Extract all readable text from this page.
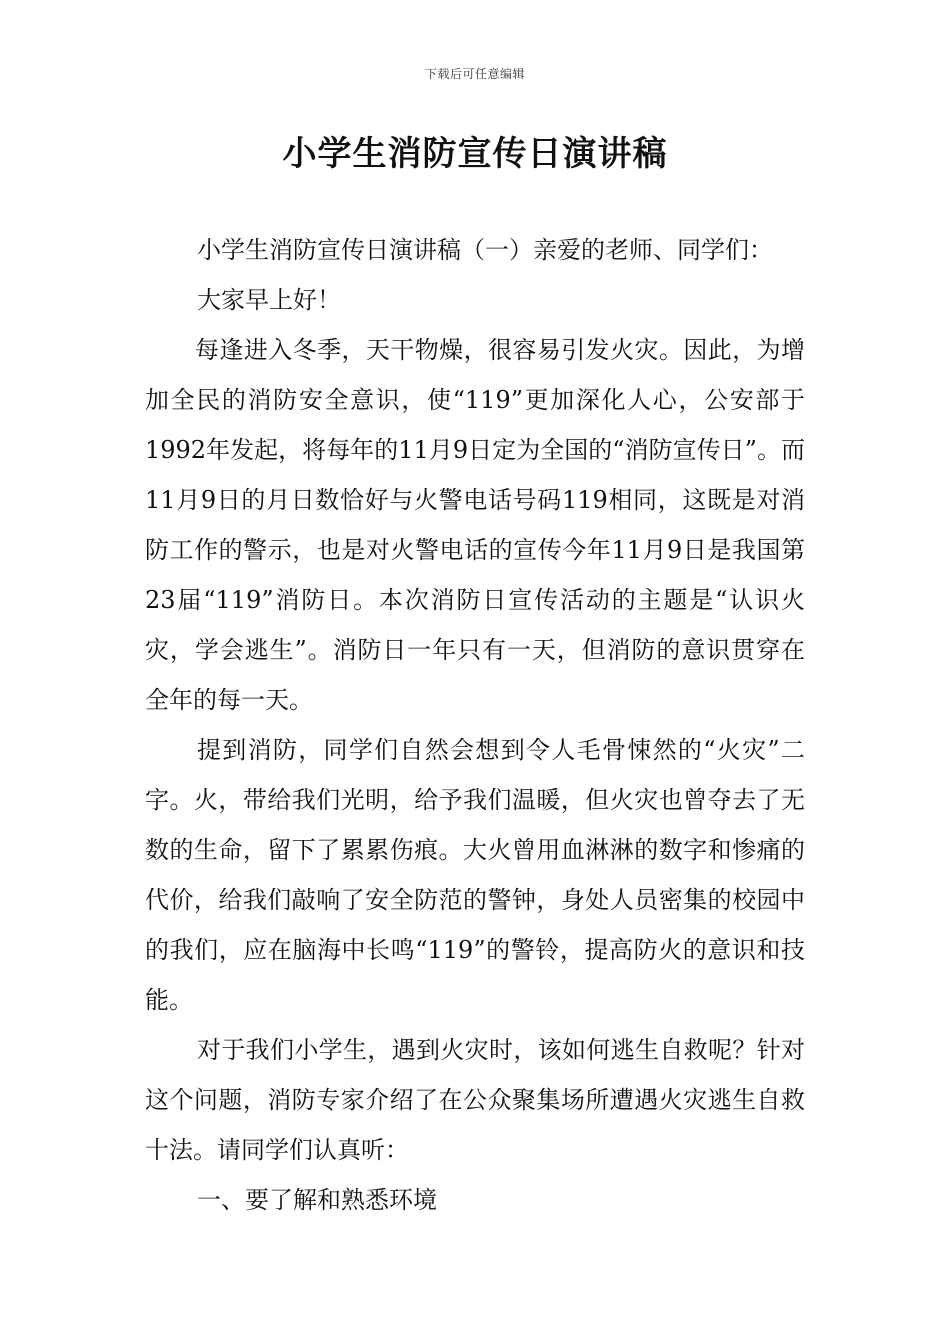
下载后可任意编辑
小学生消防宣传日演讲稿

小学生消防宣传日演讲稿（一）亲爱的老师、同学们：

大家早上好！

每逢进入冬季，天干物燥，很容易引发火灾。因此，为增加全民的消防安全意识，使“119”更加深化人心，公安部于1992年发起，将每年的11月9日定为全国的“消防宣传日”。而11月9日的月日数恰好与火警电话号码119相同，这既是对消防工作的警示，也是对火警电话的宣传今年11月9日是我国第23届“119”消防日。本次消防日宣传活动的主题是“认识火灾，学会逃生”。消防日一年只有一天，但消防的意识贯穿在全年的每一天。

提到消防，同学们自然会想到令人毛骨悚然的“火灾”二字。火，带给我们光明，给予我们温暖，但火灾也曾夺去了无数的生命，留下了累累伤痕。大火曾用血淋淋的数字和惨痛的代价，给我们敲响了安全防范的警钟，身处人员密集的校园中的我们，应在脑海中长鸣“119”的警铃，提高防火的意识和技能。

对于我们小学生，遇到火灾时，该如何逃生自救呢？针对这个问题，消防专家介绍了在公众聚集场所遭遇火灾逃生自救十法。请同学们认真听：

一、要了解和熟悉环境
